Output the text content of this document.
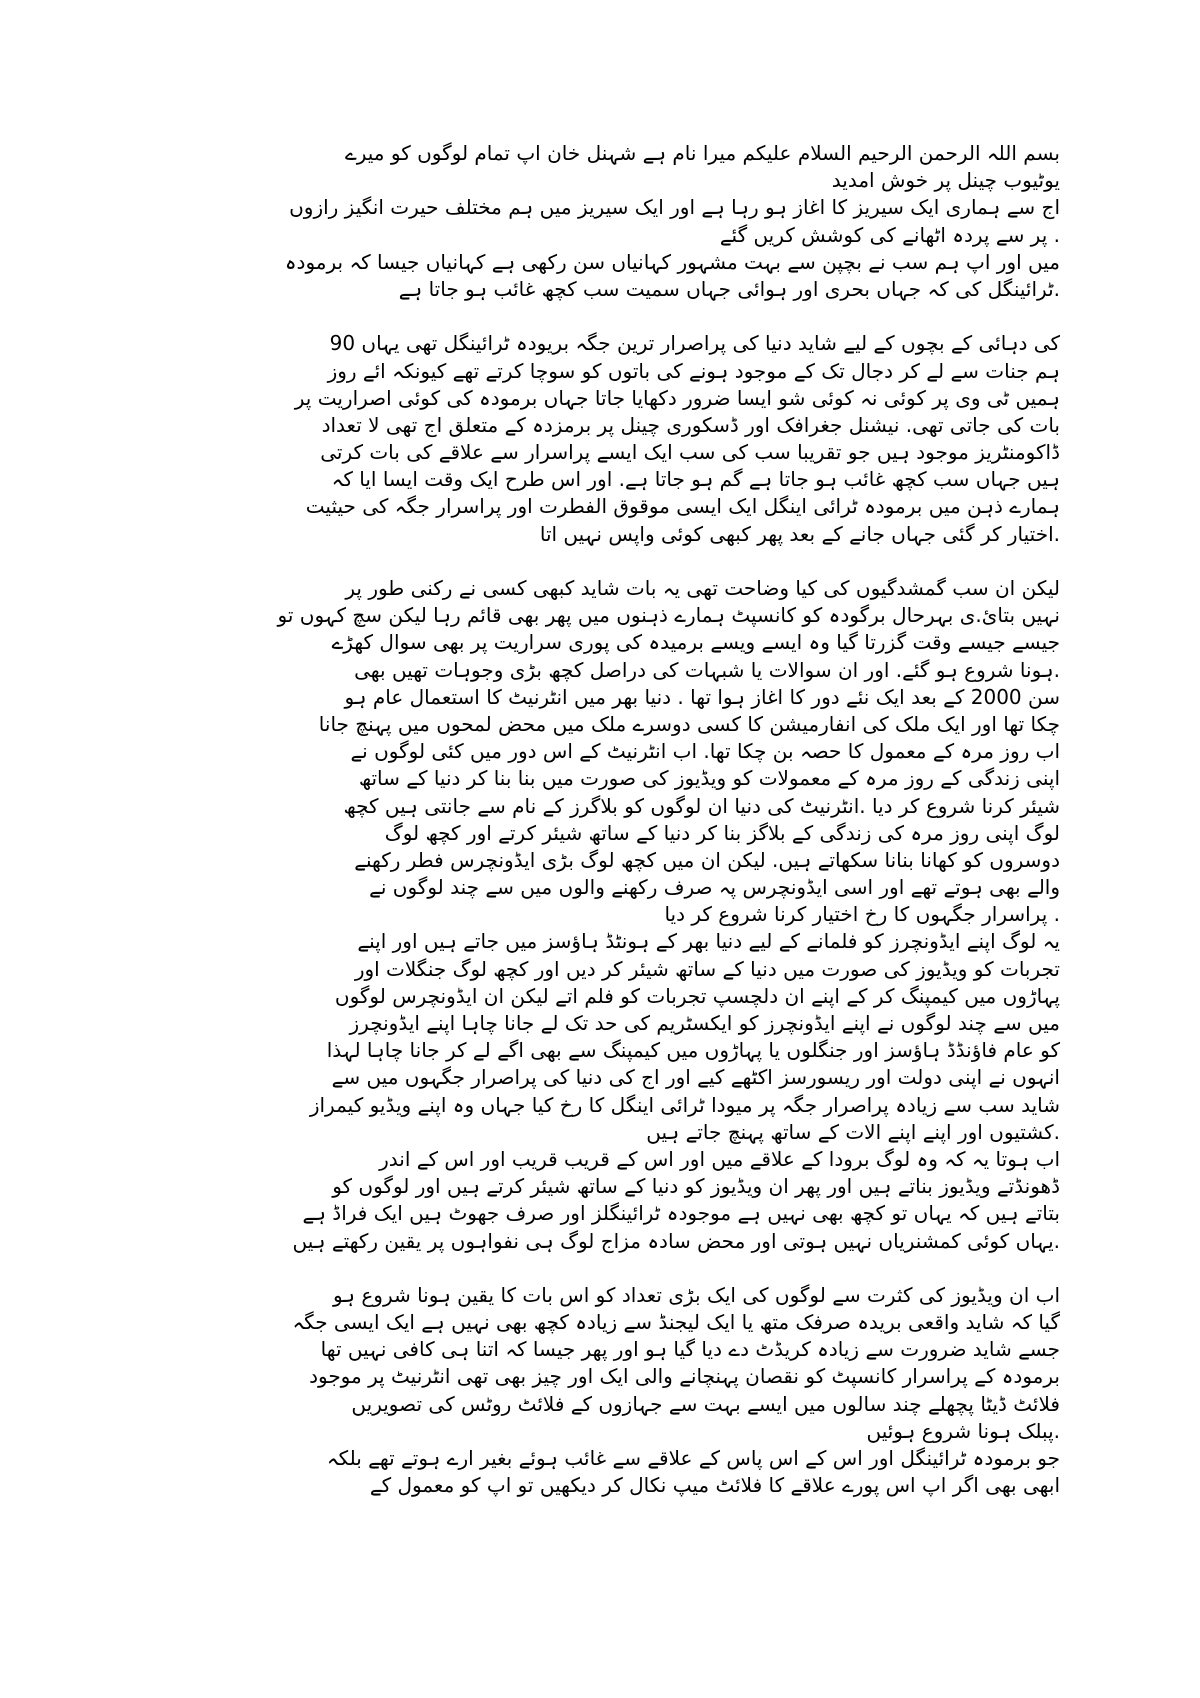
بسم اللہ الرحمن الرحیم السلام علیکم میرا نام ہے شہنل خان اپ تمام لوگوں کو میرے
یوٹیوب چینل پر خوش امدید
اج سے ہماری ایک سیریز کا اغاز ہو رہا ہے اور ایک سیریز میں ہم مختلف حیرت انگیز رازوں
. پر سے پردہ اٹھانے کی کوشش کریں گئے
میں اور اپ ہم سب نے بچپن سے بہت مشہور کہانیاں سن رکھی ہے کہانیاں جیسا کہ برمودہ
.ٹرائینگل کی کہ جہاں بحری اور ہوائی جہاں سمیت سب کچھ غائب ہو جاتا ہے
کی دہائی کے بچوں کے لیے شاید دنیا کی پراصرار ترین جگہ بریودہ ٹرائینگل تھی یہاں 90
ہم جنات سے لے کر دجال تک کے موجود ہونے کی باتوں کو سوچا کرتے تھے کیونکہ ائے روز
ہمیں ٹی وی پر کوئی نہ کوئی شو ایسا ضرور دکھایا جاتا جہاں برمودہ کی کوئی اصراریت پر
بات کی جاتی تھی. نیشنل جغرافک اور ڈسکوری چینل پر برمزدہ کے متعلق اج تھی لا تعداد
ڈاکومنٹریز موجود ہیں جو تقریبا سب کی سب ایک ایسے پراسرار سے علاقے کی بات کرتی
ہیں جہاں سب کچھ غائب ہو جاتا ہے گم ہو جاتا ہے. اور اس طرح ایک وقت ایسا ایا کہ
ہمارے ذہن میں برمودہ ٹرائی اینگل ایک ایسی موقوق الفطرت اور پراسرار جگہ کی حیثیت
.اختیار کر گئی جہاں جانے کے بعد پھر کبھی کوئی واپس نہیں اتا
لیکن ان سب گمشدگیوں کی کیا وضاحت تھی یہ بات شاید کبھی کسی نے رکنی طور پر
نہیں بتائ.ی بہرحال برگودہ کو کانسپٹ ہمارے ذہنوں میں پھر بھی قائم رہا لیکن سچ کہوں تو
جیسے جیسے وقت گزرتا گیا وہ ایسے ویسے برمیدہ کی پوری سراریت پر بھی سوال کھڑے
.ہونا شروع ہو گئے. اور ان سوالات یا شبہات کی دراصل کچھ بڑی وجوہات تھیں بھی
سن 2000 کے بعد ایک نئے دور کا اغاز ہوا تھا . دنیا بھر میں انٹرنیٹ کا استعمال عام ہو
چکا تھا اور ایک ملک کی انفارمیشن کا کسی دوسرے ملک میں محض لمحوں میں پہنچ جانا
اب روز مرہ کے معمول کا حصہ بن چکا تھا. اب انٹرنیٹ کے اس دور میں کئی لوگوں نے
اپنی زندگی کے روز مرہ کے معمولات کو ویڈیوز کی صورت میں بنا بنا کر دنیا کے ساتھ
شیئر کرنا شروع کر دیا .انٹرنیٹ کی دنیا ان لوگوں کو بلاگرز کے نام سے جانتی ہیں کچھ
لوگ اپنی روز مرہ کی زندگی کے بلاگز بنا کر دنیا کے ساتھ شیئر کرتے اور کچھ لوگ
دوسروں کو کھانا بنانا سکھاتے ہیں. لیکن ان میں کچھ لوگ بڑی ایڈونچرس فطر رکھنے
والے بھی ہوتے تھے اور اسی ایڈونچرس پہ صرف رکھنے والوں میں سے چند لوگوں نے
. پراسرار جگہوں کا رخ اختیار کرنا شروع کر دیا
یہ لوگ اپنے ایڈونچرز کو فلمانے کے لیے دنیا بھر کے ہونٹڈ ہاؤسز میں جاتے ہیں اور اپنے
تجربات کو ویڈیوز کی صورت میں دنیا کے ساتھ شیئر کر دیں اور کچھ لوگ جنگلات اور
پہاڑوں میں کیمپنگ کر کے اپنے ان دلچسپ تجربات کو فلم اتے لیکن ان ایڈونچرس لوگوں
میں سے چند لوگوں نے اپنے ایڈونچرز کو ایکسٹریم کی حد تک لے جانا چاہا اپنے ایڈونچرز
کو عام فاؤنڈڈ ہاؤسز اور جنگلوں یا پہاڑوں میں کیمپنگ سے بھی اگے لے کر جانا چاہا لہذا
انہوں نے اپنی دولت اور ریسورسز اکٹھے کیے اور اج کی دنیا کی پراصرار جگہوں میں سے
شاید سب سے زیادہ پراصرار جگہ پر میودا ٹرائی اینگل کا رخ کیا جہاں وہ اپنے ویڈیو کیمراز
.کشتیوں اور اپنے اپنے الات کے ساتھ پہنچ جاتے ہیں
اب ہوتا یہ کہ وہ لوگ برودا کے علاقے میں اور اس کے قریب قریب اور اس کے اندر
ڈھونڈتے ویڈیوز بناتے ہیں اور پھر ان ویڈیوز کو دنیا کے ساتھ شیئر کرتے ہیں اور لوگوں کو
بتاتے ہیں کہ یہاں تو کچھ بھی نہیں ہے موجودہ ٹرائینگلز اور صرف جھوٹ ہیں ایک فراڈ ہے
.یہاں کوئی کمشنریاں نہیں ہوتی اور محض سادہ مزاج لوگ ہی نفواہوں پر یقین رکھتے ہیں
اب ان ویڈیوز کی کثرت سے لوگوں کی ایک بڑی تعداد کو اس بات کا یقین ہونا شروع ہو
گیا کہ شاید واقعی بریدہ صرفک متھ یا ایک لیجنڈ سے زیادہ کچھ بھی نہیں ہے ایک ایسی جگہ
جسے شاید ضرورت سے زیادہ کریڈٹ دے دیا گیا ہو اور پھر جیسا کہ اتنا ہی کافی نہیں تھا
برمودہ کے پراسرار کانسپٹ کو نقصان پہنچانے والی ایک اور چیز بھی تھی انٹرنیٹ پر موجود
فلائٹ ڈیٹا پچھلے چند سالوں میں ایسے بہت سے جہازوں کے فلائٹ روٹس کی تصویریں
.پبلک ہونا شروع ہوئیں
جو برمودہ ٹرائینگل اور اس کے اس پاس کے علاقے سے غائب ہوئے بغیر ارے ہوتے تھے بلکہ
ابھی بھی اگر اپ اس پورے علاقے کا فلائٹ میپ نکال کر دیکھیں تو اپ کو معمول کے
